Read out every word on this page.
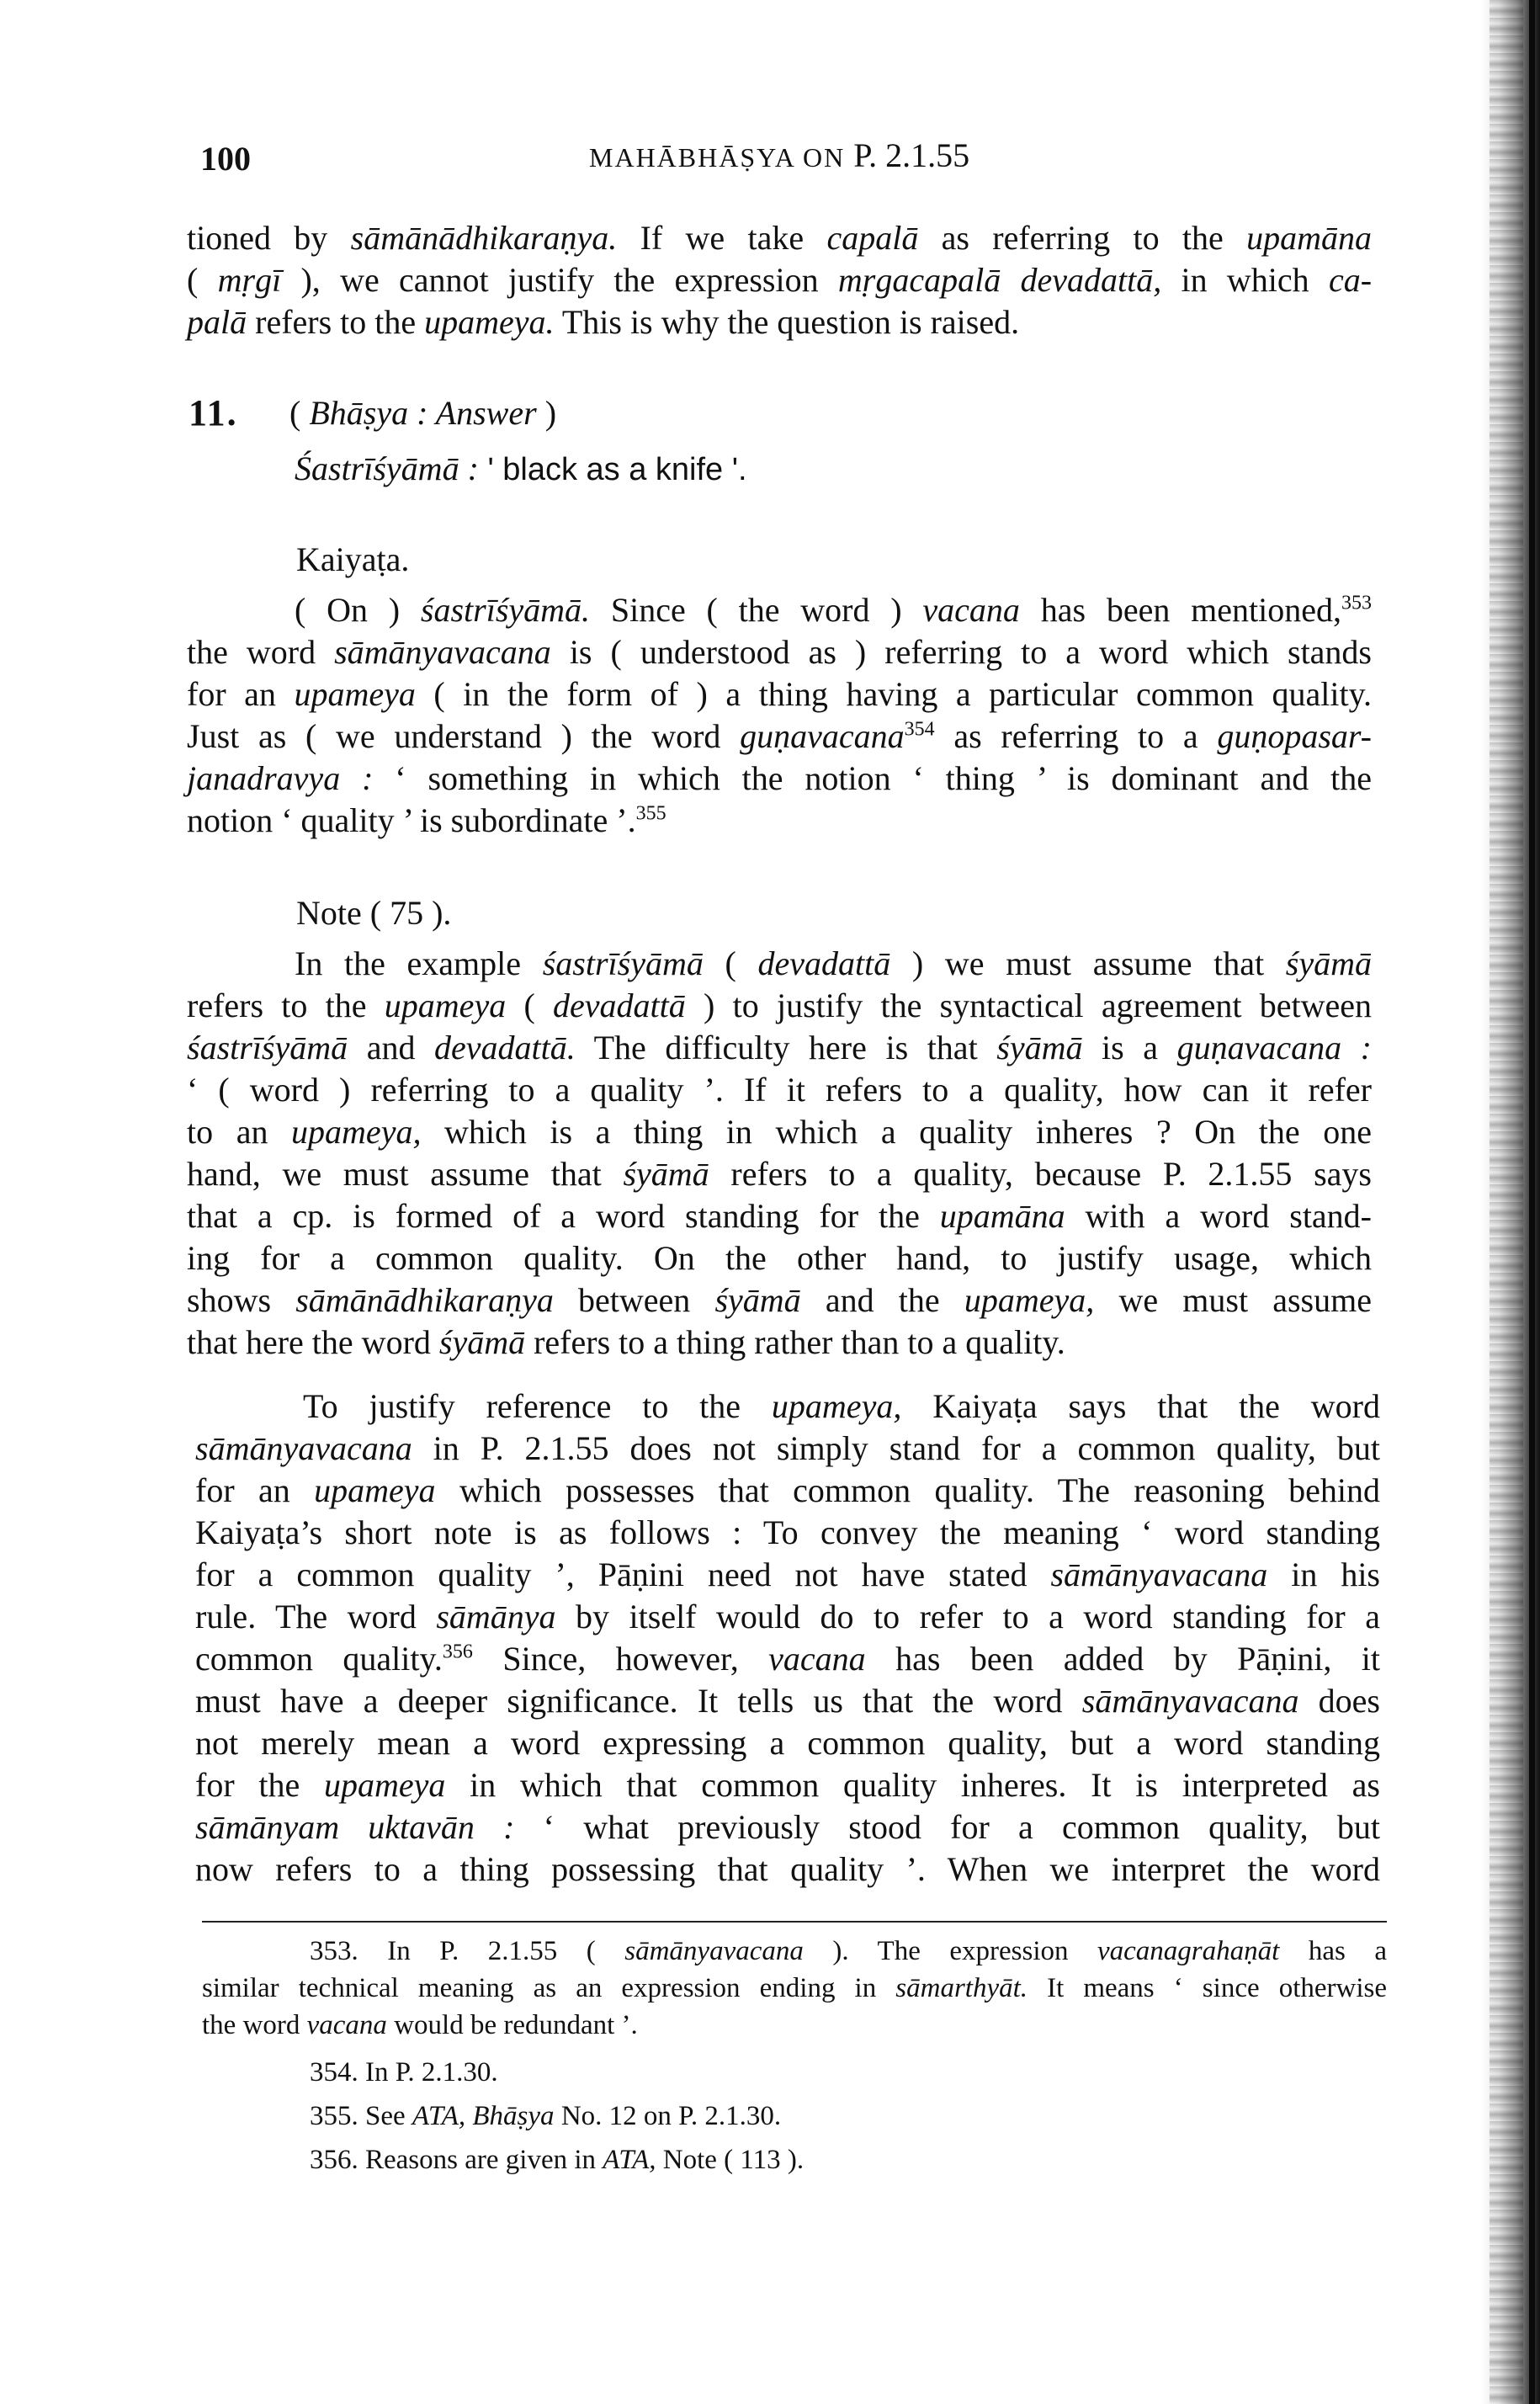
100	MAHĀBHĀṢYA ON P. 2.1.55
tioned by sāmānādhikaraṇya. If we take capalā as referring to the upamāna
( mṛgī ), we cannot justify the expression mṛgacapalā devadattā, in which ca-
palā refers to the upameya. This is why the question is raised.
11. ( Bhāṣya : Answer )
Śastrīśyāmā : ' black as a knife '.
Kaiyaṭa.
( On ) śastrīśyāmā. Since ( the word ) vacana has been mentioned,$^{353}$
the word sāmānyavacana is ( understood as ) referring to a word which stands
for an upameya ( in the form of ) a thing having a particular common quality.
Just as ( we understand ) the word guṇavacana$^{354}$ as referring to a guṇopasar-
janadravya : ‘ something in which the notion ‘ thing ’ is dominant and the
notion ‘ quality ’ is subordinate ’.$^{355}$
Note ( 75 ).
In the example śastrīśyāmā ( devadattā ) we must assume that śyāmā
refers to the upameya ( devadattā ) to justify the syntactical agreement between
śastrīśyāmā and devadattā. The difficulty here is that śyāmā is a guṇavacana :
‘ ( word ) referring to a quality ’. If it refers to a quality, how can it refer
to an upameya, which is a thing in which a quality inheres ? On the one
hand, we must assume that śyāmā refers to a quality, because P. 2.1.55 says
that a cp. is formed of a word standing for the upamāna with a word stand-
ing for a common quality. On the other hand, to justify usage, which
shows sāmānādhikaraṇya between śyāmā and the upameya, we must assume
that here the word śyāmā refers to a thing rather than to a quality.
To justify reference to the upameya, Kaiyaṭa says that the word
sāmānyavacana in P. 2.1.55 does not simply stand for a common quality, but
for an upameya which possesses that common quality. The reasoning behind
Kaiyaṭa’s short note is as follows : To convey the meaning ‘ word standing
for a common quality ’, Pāṇini need not have stated sāmānyavacana in his
rule. The word sāmānya by itself would do to refer to a word standing for a
common quality.$^{356}$ Since, however, vacana has been added by Pāṇini, it
must have a deeper significance. It tells us that the word sāmānyavacana does
not merely mean a word expressing a common quality, but a word standing
for the upameya in which that common quality inheres. It is interpreted as
sāmānyam uktavān : ‘ what previously stood for a common quality, but
now refers to a thing possessing that quality ’. When we interpret the word
353. In P. 2.1.55 ( sāmānyavacana ). The expression vacanagrahaṇāt has a
similar technical meaning as an expression ending in sāmarthyāt. It means ‘ since otherwise
the word vacana would be redundant ’.
354. In P. 2.1.30.
355. See ATA, Bhāṣya No. 12 on P. 2.1.30.
356. Reasons are given in ATA, Note ( 113 ).
